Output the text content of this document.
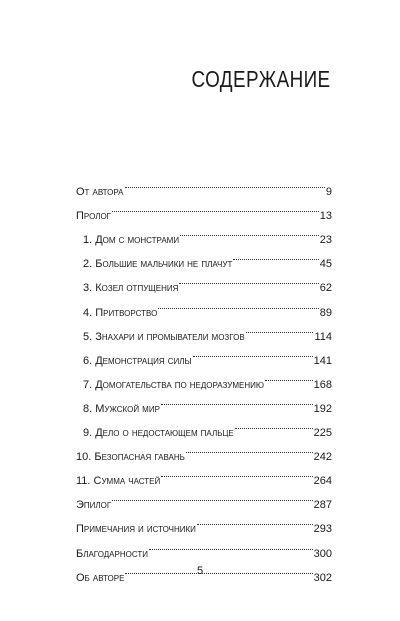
СОДЕРЖАНИЕ
От автора	9
Пролог	13
1. Дом с монстрами	23
2. Большие мальчики не плачут	45
3. Козел отпущения	62
4. Притворство	89
5. Знахари и промыватели мозгов	114
6. Демонстрация силы	141
7. Домогательства по недоразумению	168
8. Мужской мир	192
9. Дело о недостающем пальце	225
10. Безопасная гавань	242
11. Сумма частей	264
Эпилог	287
Примечания и источники	293
Благодарности	300
Об авторе	302
5
